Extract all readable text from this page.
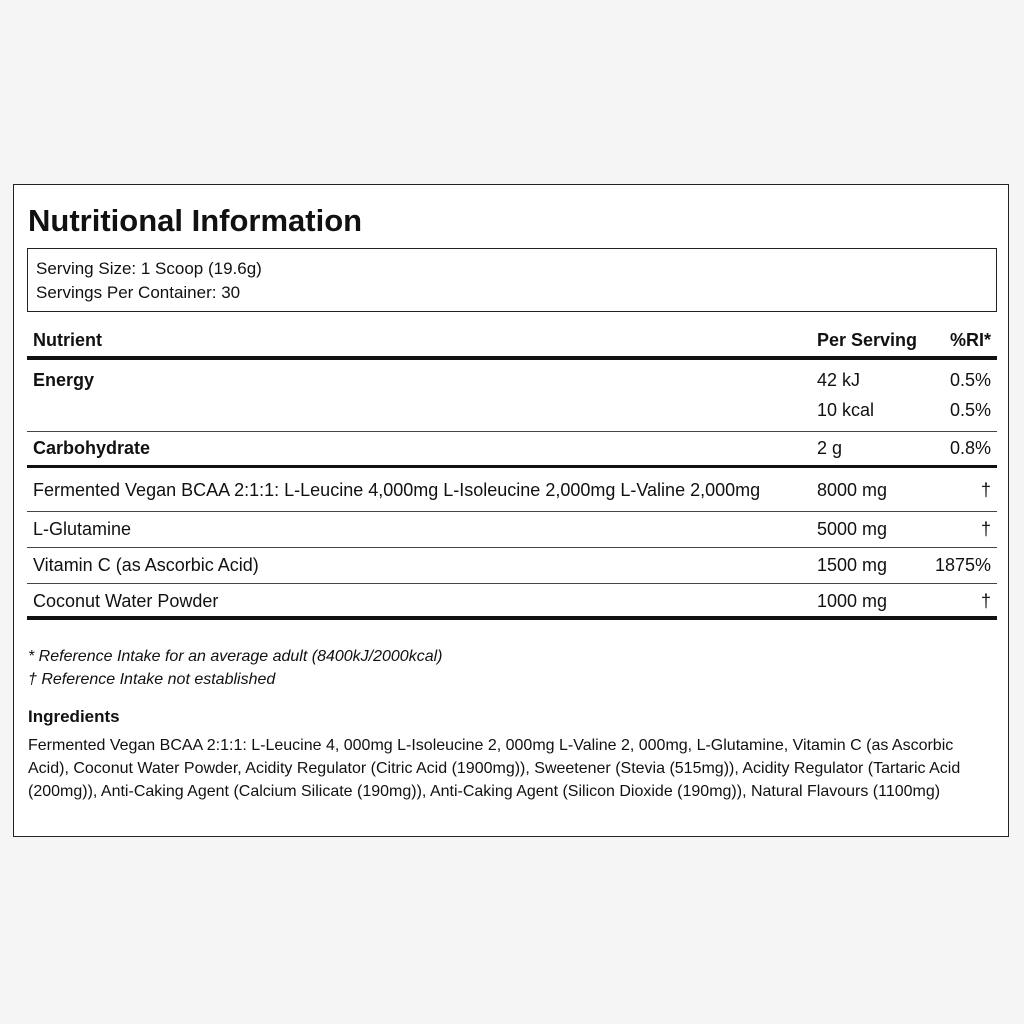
Nutritional Information
Serving Size: 1 Scoop (19.6g)
Servings Per Container: 30
Nutrient	Per Serving %RI*
Energy	42 kJ	0.5%
10 kcal	0.5%
Carbohydrate	2 g	0.8%
Fermented Vegan BCAA 2:1:1: L-Leucine 4,000mg L-Isoleucine 2,000mg L-Valine 2,000mg	8000 mg	†
L-Glutamine	5000 mg	†
Vitamin C (as Ascorbic Acid)	1500 mg	1875%
Coconut Water Powder	1000 mg	†
* Reference Intake for an average adult (8400kJ/2000kcal)
† Reference Intake not established
Ingredients
Fermented Vegan BCAA 2:1:1: L-Leucine 4, 000mg L-Isoleucine 2, 000mg L-Valine 2, 000mg, L-Glutamine, Vitamin C (as Ascorbic Acid), Coconut Water Powder, Acidity Regulator (Citric Acid (1900mg)), Sweetener (Stevia (515mg)), Acidity Regulator (Tartaric Acid (200mg)), Anti-Caking Agent (Calcium Silicate (190mg)), Anti-Caking Agent (Silicon Dioxide (190mg)), Natural Flavours (1100mg)
